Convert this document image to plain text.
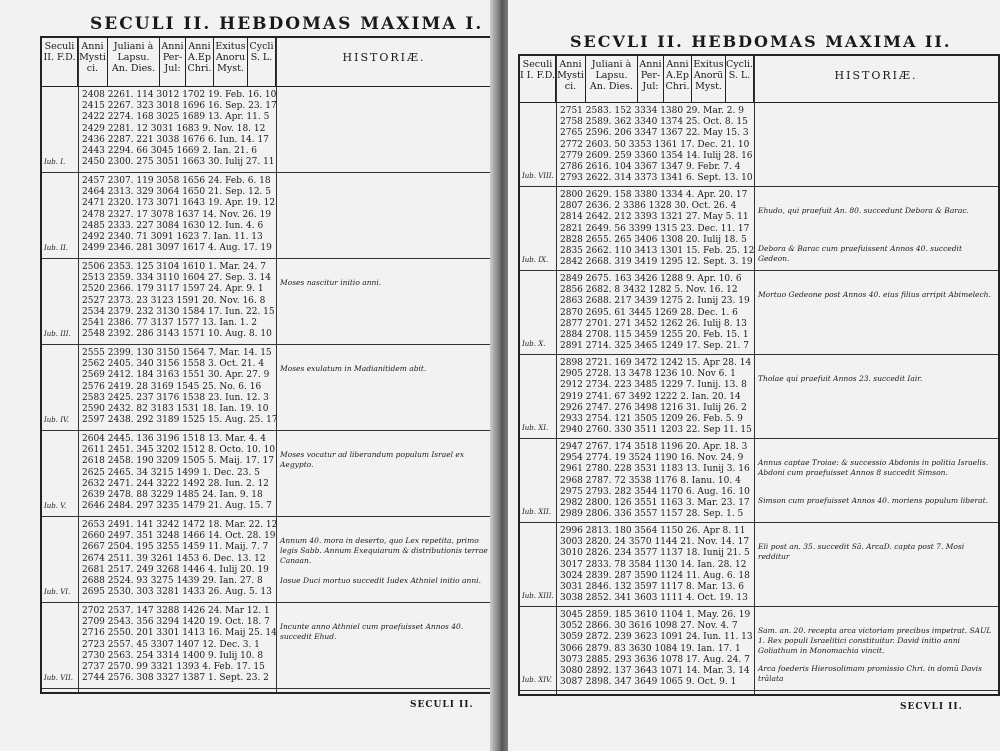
SECULI II. HEBDOMAS MAXIMA I.
Seculi II. F.D.
Anni Mysti ci.
Juliani à Lapsu. An. Dies.
Anni Per-Jul:
Anni A.Ep Chri.
Exitus Anoru Myst.
Cycli S. L.	HISTORIÆ.
2408 2261. 114 3012 1702 19. Feb. 16. 10
2415 2267. 323 3018 1696 16. Sep. 23. 17
2422 2274. 168 3025 1689 13. Apr. 11. 5
2429 2281. 12 3031 1683 9. Nov. 18. 12
2436 2287. 221 3038 1676 6. Iun. 14. 17
2443 2294. 66 3045 1669 2. Ian. 21. 6
2450 2300. 275 3051 1663 30. Iulij 27. 11
Iub. I.
2457 2307. 119 3058 1656 24. Feb. 6. 18
2464 2313. 329 3064 1650 21. Sep. 12. 5
2471 2320. 173 3071 1643 19. Apr. 19. 12
2478 2327. 17 3078 1637 14. Nov. 26. 19
2485 2333. 227 3084 1630 12. Iun. 4. 6
2492 2340. 71 3091 1623 7. Ian. 11. 13
2499 2346. 281 3097 1617 4. Aug. 17. 19
Iub. II.
2506 2353. 125 3104 1610 1. Mar. 24. 7
2513 2359. 334 3110 1604 27. Sep. 3. 14
2520 2366. 179 3117 1597 24. Apr. 9. 1
2527 2373. 23 3123 1591 20. Nov. 16. 8
2534 2379. 232 3130 1584 17. Iun. 22. 15
2541 2386. 77 3137 1577 13. Ian. 1. 2
2548 2392. 286 3143 1571 10. Aug. 8. 10
Iub. III.
Moses nascitur initio anni.
2555 2399. 130 3150 1564 7. Mar. 14. 15
2562 2405. 340 3156 1558 3. Oct. 21. 4
2569 2412. 184 3163 1551 30. Apr. 27. 9
2576 2419. 28 3169 1545 25. No. 6. 16
2583 2425. 237 3176 1538 23. Iun. 12. 3
2590 2432. 82 3183 1531 18. Ian. 19. 10
2597 2438. 292 3189 1525 15. Aug. 25. 17
Iub. IV.
Moses exulatum in Madianitidem abit.
2604 2445. 136 3196 1518 13. Mar. 4. 4
2611 2451. 345 3202 1512 8. Octo. 10. 10
2618 2458. 190 3209 1505 5. Maij. 17. 17
2625 2465. 34 3215 1499 1. Dec. 23. 5
2632 2471. 244 3222 1492 28. Iun. 2. 12
2639 2478. 88 3229 1485 24. Ian. 9. 18
2646 2484. 297 3235 1479 21. Aug. 15. 7
Iub. V.
Moses vocatur ad liberandum populum Israel ex Aegypto.
2653 2491. 141 3242 1472 18. Mar. 22. 12
2660 2497. 351 3248 1466 14. Oct. 28. 19
2667 2504. 195 3255 1459 11. Maij. 7. 7
2674 2511. 39 3261 1453 6. Dec. 13. 12
2681 2517. 249 3268 1446 4. Iulij 20. 19
2688 2524. 93 3275 1439 29. Ian. 27. 8
2695 2530. 303 3281 1433 26. Aug. 5. 13
Iub. VI.
Annum 40. mora in deserto, quo Lex repetita, primo legis Sabb. Annum Exequiarum & distributionis terrae Canaan.
Iosue Duci mortuo succedit Iudex Athniel initio anni.
2702 2537. 147 3288 1426 24. Mar 12. 1
2709 2543. 356 3294 1420 19. Oct. 18. 7
2716 2550. 201 3301 1413 16. Maij 25. 14
2723 2557. 45 3307 1407 12. Dec. 3. 1
2730 2563. 254 3314 1400 9. Iulij 10. 8
2737 2570. 99 3321 1393 4. Feb. 17. 15
2744 2576. 308 3327 1387 1. Sept. 23. 2
Iub. VII.
Incunte anno Athniel cum praefuisset Annos 40. succedit Ehud.
SECULI II.
SECVLI II. HEBDOMAS MAXIMA II.
Seculi I I. F.D.
Anni Mysti ci.
Juliani à Lapsu. An. Dies.
Anni Per-Jul:
Anni A.Ep Chri.
Exitus Anorū Myst.
Cycli. S. L.	HISTORIÆ.
2751 2583. 152 3334 1380 29. Mar. 2. 9
2758 2589. 362 3340 1374 25. Oct. 8. 15
2765 2596. 206 3347 1367 22. May 15. 3
2772 2603. 50 3353 1361 17. Dec. 21. 10
2779 2609. 259 3360 1354 14. Iulij 28. 16
2786 2616. 104 3367 1347 9. Febr. 7. 4
2793 2622. 314 3373 1341 6. Sept. 13. 10
Iub. VIII.
2800 2629. 158 3380 1334 4. Apr. 20. 17
2807 2636. 2 3386 1328 30. Oct. 26. 4
2814 2642. 212 3393 1321 27. May 5. 11
2821 2649. 56 3399 1315 23. Dec. 11. 17
2828 2655. 265 3406 1308 20. Iulij 18. 5
2835 2662. 110 3413 1301 15. Feb. 25. 12
2842 2668. 319 3419 1295 12. Sept. 3. 19
Iub. IX.
Ehudo, qui praefuit An. 80. succedunt Debora & Barac.
Debora & Barac cum praefuissent Annos 40. succedit Gedeon.
2849 2675. 163 3426 1288 9. Apr. 10. 6
2856 2682. 8 3432 1282 5. Nov. 16. 12
2863 2688. 217 3439 1275 2. Iunij 23. 19
2870 2695. 61 3445 1269 28. Dec. 1. 6
2877 2701. 271 3452 1262 26. Iulij 8. 13
2884 2708. 115 3459 1255 20. Feb. 15. 1
2891 2714. 325 3465 1249 17. Sep. 21. 7
Iub. X.
Mortuo Gedeone post Annos 40. eius filius arripit Abimelech.
2898 2721. 169 3472 1242 15. Apr 28. 14
2905 2728. 13 3478 1236 10. Nov 6. 1
2912 2734. 223 3485 1229 7. Iunij. 13. 8
2919 2741. 67 3492 1222 2. Ian. 20. 14
2926 2747. 276 3498 1216 31. Iulij 26. 2
2933 2754. 121 3505 1209 26. Feb. 5. 9
2940 2760. 330 3511 1203 22. Sep 11. 15
Iub. XI.
Tholae qui praefuit Annos 23. succedit Iair.
2947 2767. 174 3518 1196 20. Apr. 18. 3
2954 2774. 19 3524 1190 16. Nov. 24. 9
2961 2780. 228 3531 1183 13. Iunij 3. 16
2968 2787. 72 3538 1176 8. Ianu. 10. 4
2975 2793. 282 3544 1170 6. Aug. 16. 10
2982 2800. 126 3551 1163 3. Mar. 23. 17
2989 2806. 336 3557 1157 28. Sep. 1. 5
Iub. XII.
Annus captae Troiae: & successio Abdonis in politia Israelis. Abdoni cum praefuisset Annos 8 succedit Simson.
Simson cum praefuisset Annos 40. moriens populum liberat.
2996 2813. 180 3564 1150 26. Apr 8. 11
3003 2820. 24 3570 1144 21. Nov. 14. 17
3010 2826. 234 3577 1137 18. Iunij 21. 5
3017 2833. 78 3584 1130 14. Ian. 28. 12
3024 2839. 287 3590 1124 11. Aug. 6. 18
3031 2846. 132 3597 1117 8. Mar. 13. 6
3038 2852. 341 3603 1111 4. Oct. 19. 13
Iub. XIII.
Eli post an. 35. succedit Sā. ArcaD. capta post 7. Mosi redditur
3045 2859. 185 3610 1104 1. May. 26. 19
3052 2866. 30 3616 1098 27. Nov. 4. 7
3059 2872. 239 3623 1091 24. Iun. 11. 13
3066 2879. 83 3630 1084 19. Ian. 17. 1
3073 2885. 293 3636 1078 17. Aug. 24. 7
3080 2892. 137 3643 1071 14. Mar. 3. 14
3087 2898. 347 3649 1065 9. Oct. 9. 1
Iub. XIV.
Sam. an. 20. recepta arca victoriam precibus impetrat. SAUL 1. Rex populi Israelitici constituitur. David initio anni Goliathum in Monomachia vincit.
Arca foederis Hierosolimam promissio Chri. in domū Davis trālata
SECVLI II.
